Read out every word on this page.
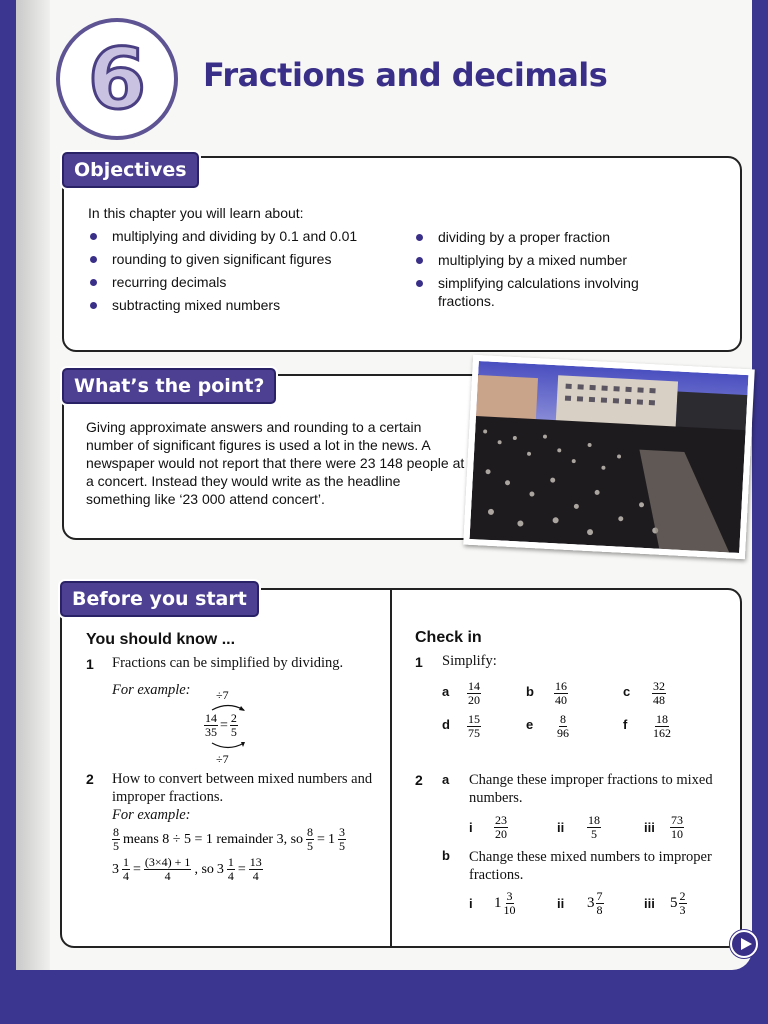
6 Fractions and decimals
Objectives
In this chapter you will learn about:
multiplying and dividing by 0.1 and 0.01
rounding to given significant figures
recurring decimals
subtracting mixed numbers
dividing by a proper fraction
multiplying by a mixed number
simplifying calculations involving fractions.
What’s the point?
Giving approximate answers and rounding to a certain number of significant figures is used a lot in the news. A newspaper would not report that there were 23 148 people at a concert. Instead they would write as the headline something like ‘23 000 attend concert’.
Before you start
You should know ...
1 Fractions can be simplified by dividing.
For example: ÷7
$\frac{14}{35} = \frac{2}{5}$
÷7
2 How to convert between mixed numbers and improper fractions.
For example:
$\frac{8}{5}$ means 8 ÷ 5 = 1 remainder 3, so $\frac{8}{5} = 1 \frac{3}{5}$
$3 \frac{1}{4} = \frac{(3\times 4) + 1}{4}$ , so $3 \frac{1}{4} = \frac{13}{4}$
Check in
1 Simplify:
a $\frac{14}{20}$	b $\frac{16}{40}$	c $\frac{32}{48}$
d $\frac{15}{75}$	e $\frac{8}{96}$	f $\frac{18}{162}$
2 a Change these improper fractions to mixed numbers.
i $\frac{23}{20}$	ii $\frac{18}{5}$	iii $\frac{73}{10}$
b Change these mixed numbers to improper fractions.
i $1 \frac{3}{10}$	ii $3 \frac{7}{8}$	iii $5 \frac{2}{3}$
